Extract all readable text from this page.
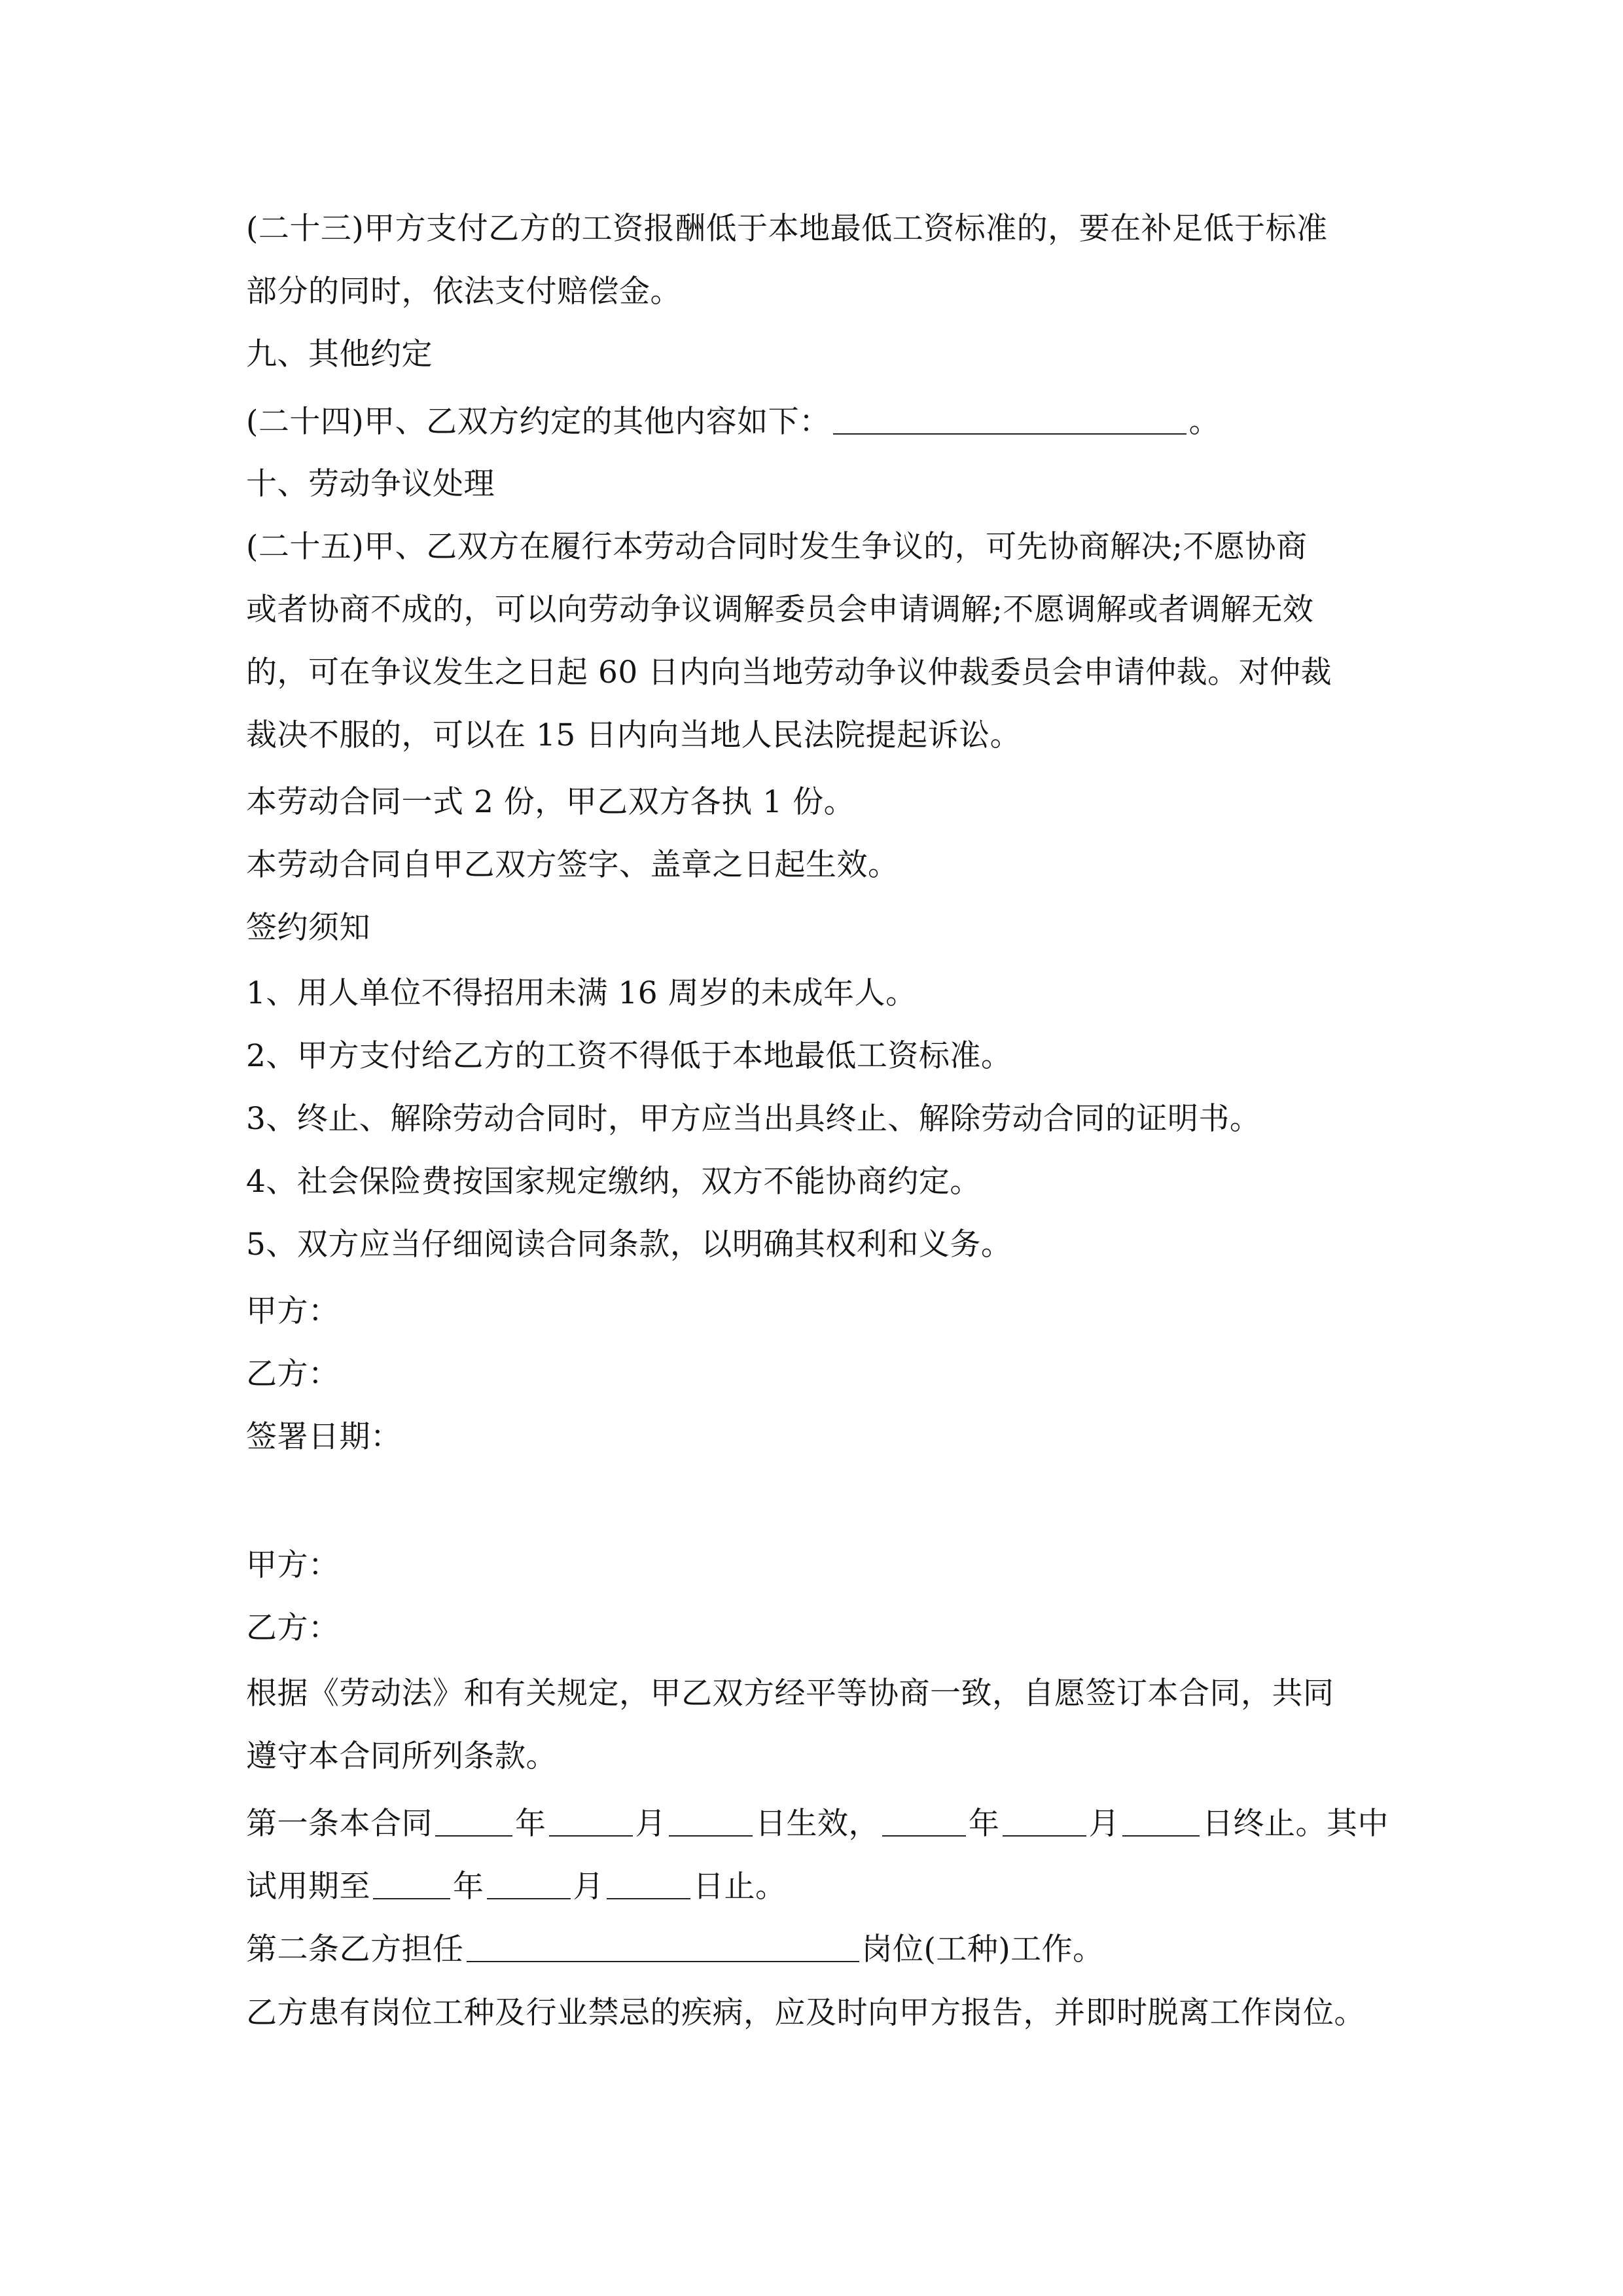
(二十三)甲方支付乙方的工资报酬低于本地最低工资标准的，要在补足低于标准

部分的同时，依法支付赔偿金。

九、其他约定

(二十四)甲、乙双方约定的其他内容如下：	。

十、劳动争议处理

(二十五)甲、乙双方在履行本劳动合同时发生争议的，可先协商解决;不愿协商

或者协商不成的，可以向劳动争议调解委员会申请调解;不愿调解或者调解无效

的，可在争议发生之日起 60 日内向当地劳动争议仲裁委员会申请仲裁。对仲裁

裁决不服的，可以在 15 日内向当地人民法院提起诉讼。

本劳动合同一式 2 份，甲乙双方各执 1 份。

本劳动合同自甲乙双方签字、盖章之日起生效。

签约须知

1、用人单位不得招用未满 16 周岁的未成年人。

2、甲方支付给乙方的工资不得低于本地最低工资标准。

3、终止、解除劳动合同时，甲方应当出具终止、解除劳动合同的证明书。

4、社会保险费按国家规定缴纳，双方不能协商约定。

5、双方应当仔细阅读合同条款，以明确其权利和义务。

甲方：

乙方：

签署日期：

甲方：

乙方：

根据《劳动法》和有关规定，甲乙双方经平等协商一致，自愿签订本合同，共同

遵守本合同所列条款。

第一条本合同	年	月	日生效，	年	月	日终止。其中

试用期至	年	月	日止。

第二条乙方担任	岗位(工种)工作。

乙方患有岗位工种及行业禁忌的疾病，应及时向甲方报告，并即时脱离工作岗位。
